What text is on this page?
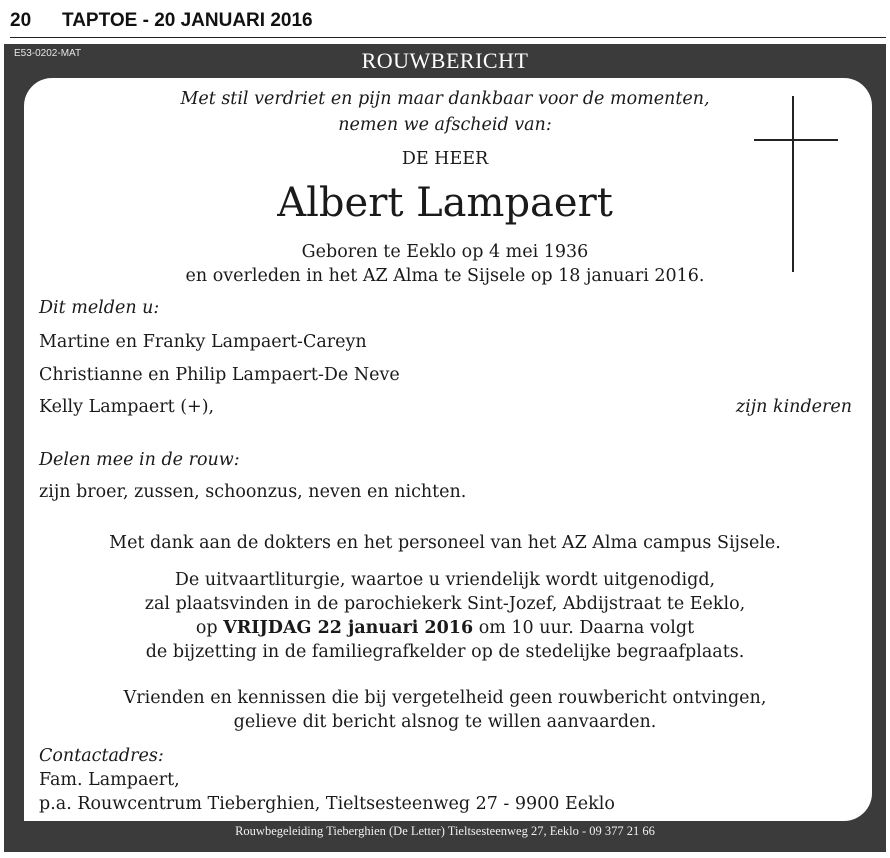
20 TAPTOE - 20 JANUARI 2016
E53-0202-MAT	ROUWBERICHT
Rouwbegeleiding Tieberghien (De Letter) Tieltsesteenweg 27, Eeklo - 09 377 21 66
Met stil verdriet en pijn maar dankbaar voor de momenten,
nemen we afscheid van:
DE HEER
Albert Lampaert
Geboren te Eeklo op 4 mei 1936
en overleden in het AZ Alma te Sijsele op 18 januari 2016.
Dit melden u:
Martine en Franky Lampaert-Careyn
Christianne en Philip Lampaert-De Neve
Kelly Lampaert (+),	zijn kinderen
Delen mee in de rouw:
zijn broer, zussen, schoonzus, neven en nichten.
Met dank aan de dokters en het personeel van het AZ Alma campus Sijsele.
De uitvaartliturgie, waartoe u vriendelijk wordt uitgenodigd,
zal plaatsvinden in de parochiekerk Sint-Jozef, Abdijstraat te Eeklo,
op VRIJDAG 22 januari 2016 om 10 uur. Daarna volgt
de bijzetting in de familiegrafkelder op de stedelijke begraafplaats.
Vrienden en kennissen die bij vergetelheid geen rouwbericht ontvingen,
gelieve dit bericht alsnog te willen aanvaarden.
Contactadres:
Fam. Lampaert,
p.a. Rouwcentrum Tieberghien, Tieltsesteenweg 27 - 9900 Eeklo
